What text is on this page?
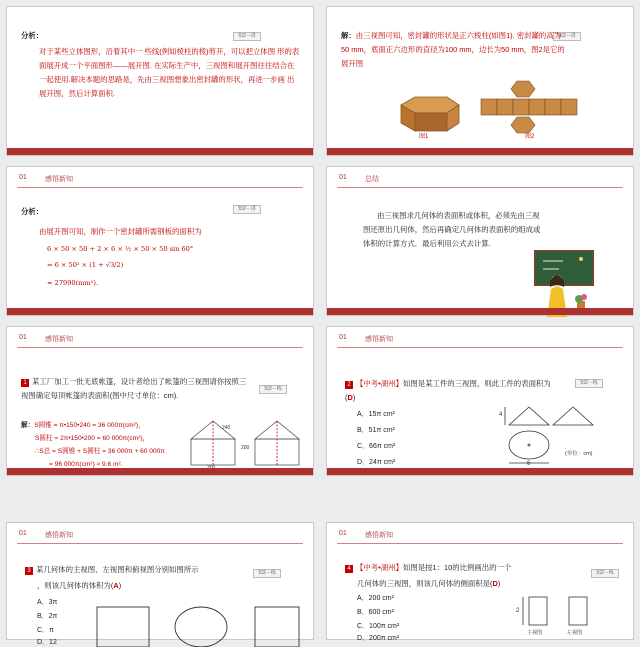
知2－讲
分析：
对于某些立体图形，沿着其中一 些线(例如棱柱的棱)剪开，可以把立体图 形的表面展开成一个平面图形——展开图. 在实际生产中，三视图和展开图往往结合在一起使用.解决本题的思路是，先由三视图想象出密封罐的形状，再进一步画 出展开图，然后计算面积.
知2－讲
解：由三视图可知，密封罐的形状是正六棱柱(如图1). 密封罐的高为50 mm，底面正六边形的直径为100 mm，边长为50 mm，图2是它的展开图
图1	图2
01	感悟新知
知2－讲
分析：
由展开图可知，制作一个密封罐所需钢板的面积为
6 × 50 × 50 + 2 × 6 × ½ × 50 × 50 sin 60°
= 6 × 50² × (1 + √3/2)
≈ 27990(mm²).
01	总结
由三视图求几何体的表面积或体积，必须先由三视图还原出几何体，然后再确定几何体的表面积的组成或体积的计算方式．最后利用公式去计算.
01	感悟新知
知2－练
1 某工厂加工一批无底帐篷，设计者给出了帐篷的三视图请你按照三视图确定每顶帐篷的表面积(图中尺寸单位：cm).
解：S圆锥 = π•150•240 = 36 000π(cm²)，
S圆柱 = 2π•150•200 = 60 000π(cm²)，
∴S总 = S圆锥 + S圆柱 = 36 000π + 60 000π
= 96 000π(cm²) ≈ 9.6 m².
240
200
01	感悟新知
知2－练
2 【中考•湖州】如图是某工件的三视图，则此工件的表面积为(D)
A．15π cm²
B．51π cm²
C．66π cm²
D．24π cm²
4
6
(单位：cm)
01	感悟新知
知2－练
3 某几何体的主视图、左视图和俯视图分别如图所示
，则该几何体的体积为(A)
A．3π
B．2π
C．π
D．12
01	感悟新知
知2－练
4 【中考•湖州】如图是按1：10的比例画出的一个
几何体的三视图，则该几何体的侧面积是(D)
A．200 cm²
B．600 cm²
C．100π cm²
D．200π cm²
2
主视图	左视图
